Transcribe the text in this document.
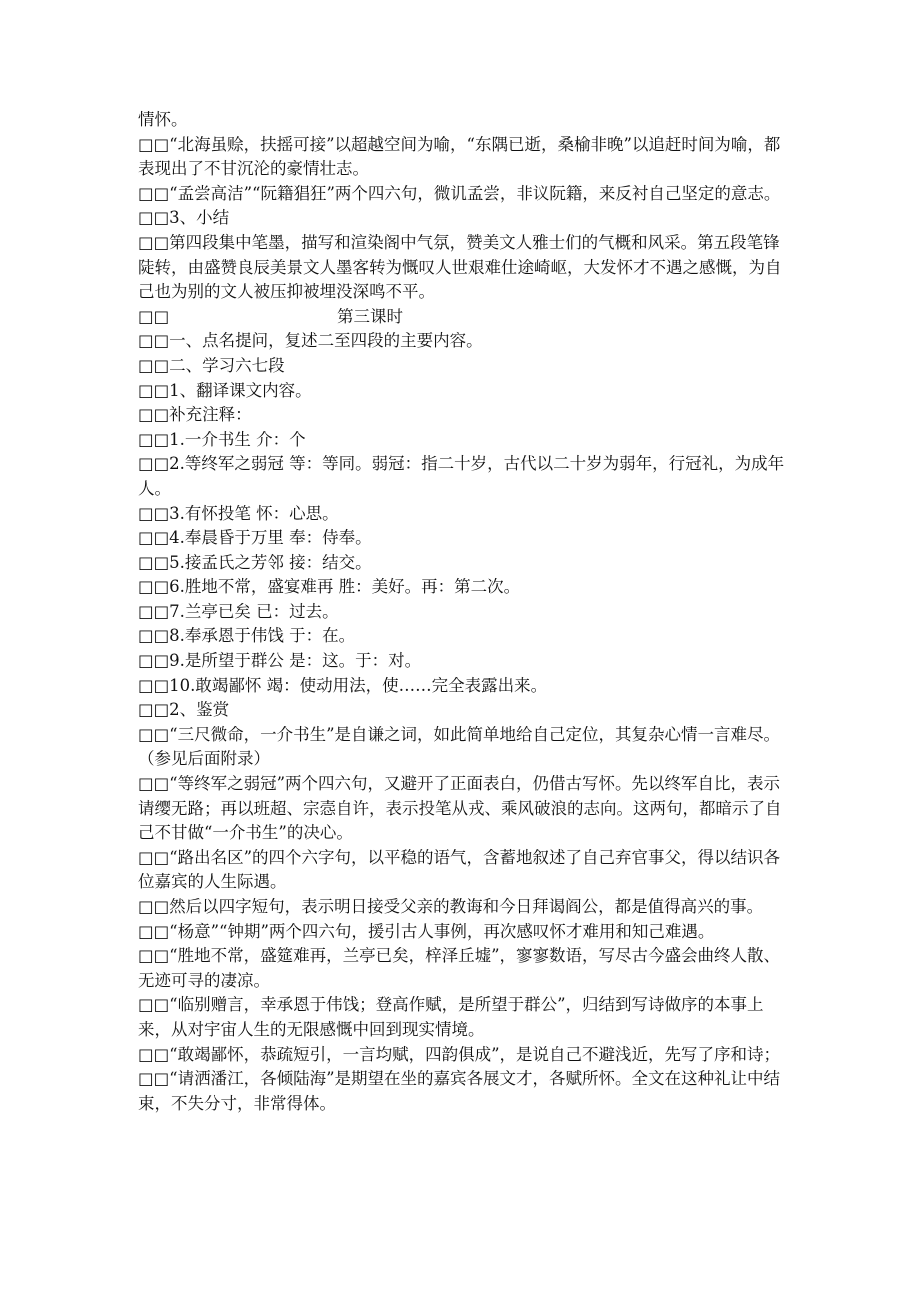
情怀。
□□“北海虽赊，扶摇可接”以超越空间为喻，“东隅已逝，桑榆非晚”以追赶时间为喻，都表现出了不甘沉沦的豪情壮志。
□□“孟尝高洁”“阮籍猖狂”两个四六句，微讥孟尝，非议阮籍，来反衬自己坚定的意志。
□□3、小结
□□第四段集中笔墨，描写和渲染阁中气氛，赞美文人雅士们的气概和风采。第五段笔锋陡转，由盛赞良辰美景文人墨客转为慨叹人世艰难仕途崎岖，大发怀才不遇之感慨，为自己也为别的文人被压抑被埋没深鸣不平。
□□                                第三课时
□□一、点名提问，复述二至四段的主要内容。
□□二、学习六七段
□□1、翻译课文内容。
□□补充注释：
□□1.一介书生 介：个
□□2.等终军之弱冠 等：等同。弱冠：指二十岁，古代以二十岁为弱年，行冠礼，为成年人。
□□3.有怀投笔 怀：心思。
□□4.奉晨昏于万里 奉：侍奉。
□□5.接孟氏之芳邻 接：结交。
□□6.胜地不常，盛宴难再 胜：美好。再：第二次。
□□7.兰亭已矣 已：过去。
□□8.奉承恩于伟饯 于：在。
□□9.是所望于群公 是：这。于：对。
□□10.敢竭鄙怀 竭：使动用法，使……完全表露出来。
□□2、鉴赏
□□“三尺微命，一介书生”是自谦之词，如此简单地给自己定位，其复杂心情一言难尽。（参见后面附录）
□□“等终军之弱冠”两个四六句，又避开了正面表白，仍借古写怀。先以终军自比，表示请缨无路；再以班超、宗悫自许，表示投笔从戎、乘风破浪的志向。这两句，都暗示了自己不甘做“一介书生”的决心。
□□“路出名区”的四个六字句，以平稳的语气，含蓄地叙述了自己弃官事父，得以结识各位嘉宾的人生际遇。
□□然后以四字短句，表示明日接受父亲的教诲和今日拜谒阎公，都是值得高兴的事。
□□“杨意”“钟期”两个四六句，援引古人事例，再次感叹怀才难用和知己难遇。
□□“胜地不常，盛筵难再，兰亭已矣，梓泽丘墟”，寥寥数语，写尽古今盛会曲终人散、无迹可寻的凄凉。
□□“临别赠言，幸承恩于伟饯；登高作赋，是所望于群公”，归结到写诗做序的本事上来，从对宇宙人生的无限感慨中回到现实情境。
□□“敢竭鄙怀，恭疏短引，一言均赋，四韵俱成”，是说自己不避浅近，先写了序和诗；
□□“请洒潘江，各倾陆海”是期望在坐的嘉宾各展文才，各赋所怀。全文在这种礼让中结束，不失分寸，非常得体。
